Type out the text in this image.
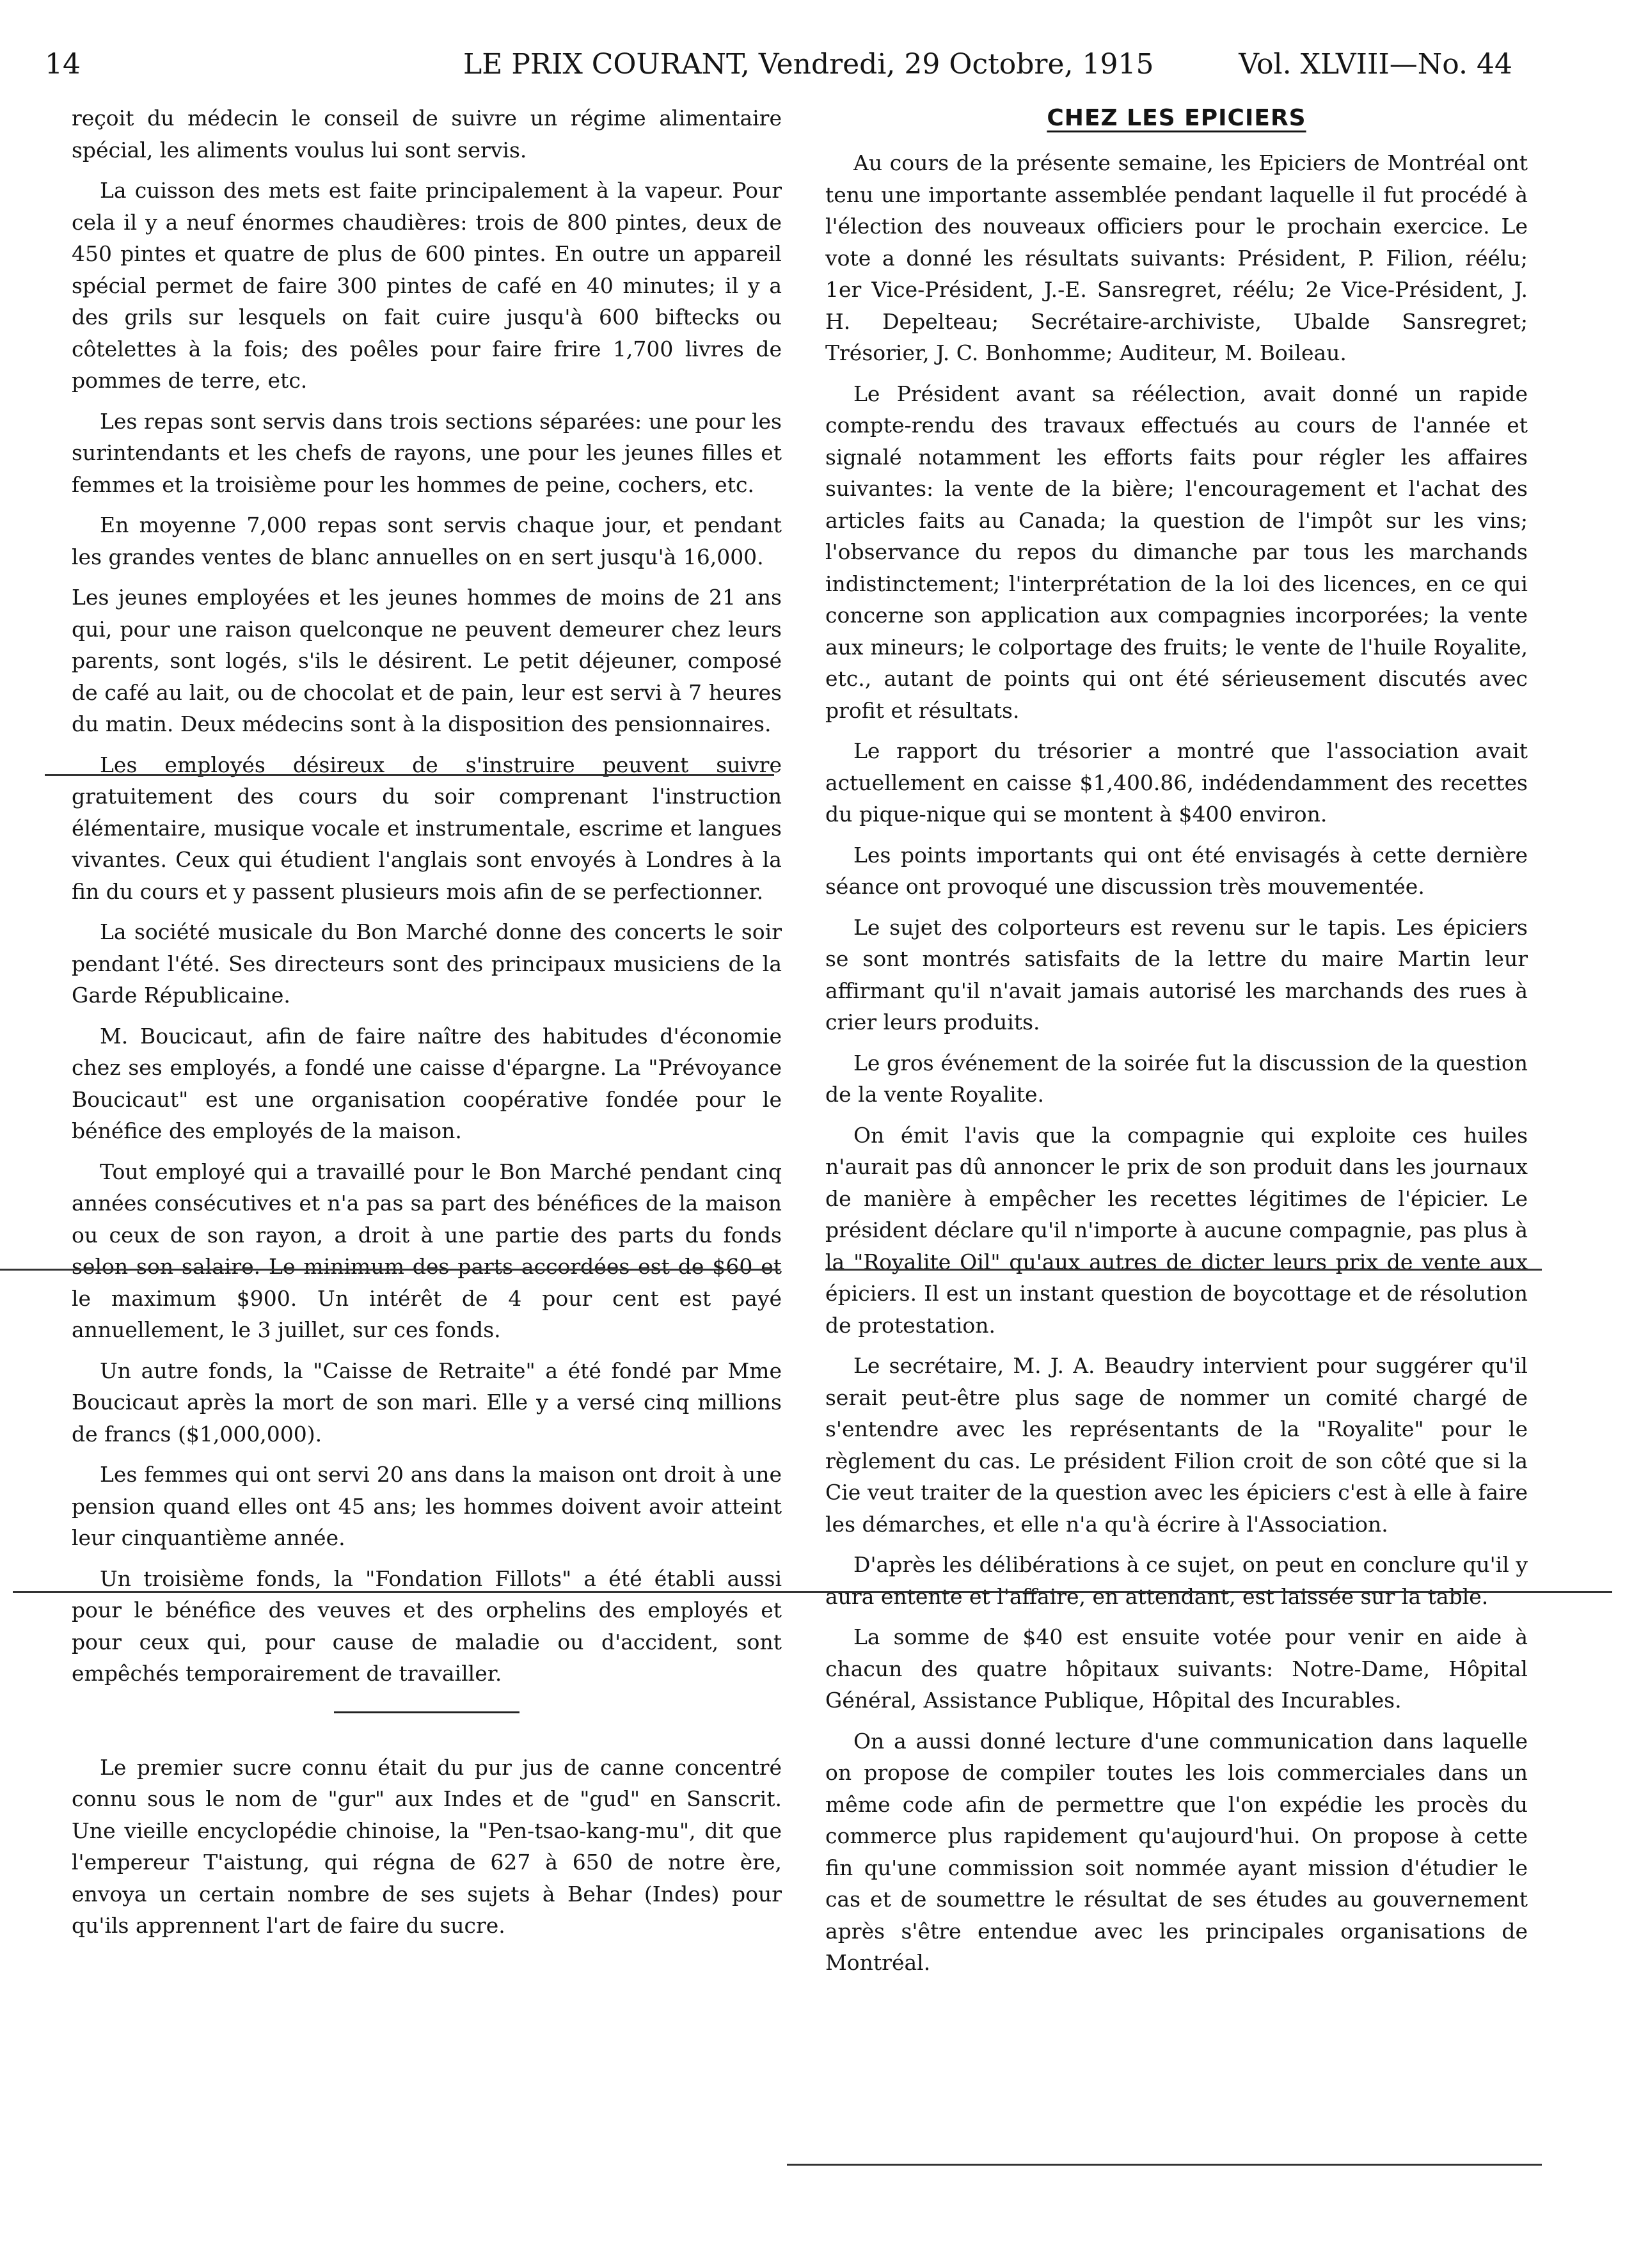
14	LE PRIX COURANT, Vendredi, 29 Octobre, 1915	Vol. XLVIII—No. 44

reçoit du médecin le conseil de suivre un régime alimentaire spécial, les aliments voulus lui sont servis.

La cuisson des mets est faite principalement à la vapeur. Pour cela il y a neuf énormes chaudières: trois de 800 pintes, deux de 450 pintes et quatre de plus de 600 pintes. En outre un appareil spécial permet de faire 300 pintes de café en 40 minutes; il y a des grils sur lesquels on fait cuire jusqu'à 600 biftecks ou côtelettes à la fois; des poêles pour faire frire 1,700 livres de pommes de terre, etc.

Les repas sont servis dans trois sections séparées: une pour les surintendants et les chefs de rayons, une pour les jeunes filles et femmes et la troisième pour les hommes de peine, cochers, etc.

En moyenne 7,000 repas sont servis chaque jour, et pendant les grandes ventes de blanc annuelles on en sert jusqu'à 16,000.

Les jeunes employées et les jeunes hommes de moins de 21 ans qui, pour une raison quelconque ne peuvent demeurer chez leurs parents, sont logés, s'ils le désirent. Le petit déjeuner, composé de café au lait, ou de chocolat et de pain, leur est servi à 7 heures du matin. Deux médecins sont à la disposition des pensionnaires.

Les employés désireux de s'instruire peuvent suivre gratuitement des cours du soir comprenant l'instruction élémentaire, musique vocale et instrumentale, escrime et langues vivantes. Ceux qui étudient l'anglais sont envoyés à Londres à la fin du cours et y passent plusieurs mois afin de se perfectionner.

La société musicale du Bon Marché donne des concerts le soir pendant l'été. Ses directeurs sont des principaux musiciens de la Garde Républicaine.

M. Boucicaut, afin de faire naître des habitudes d'économie chez ses employés, a fondé une caisse d'épargne. La "Prévoyance Boucicaut" est une organisation coopérative fondée pour le bénéfice des employés de la maison.

Tout employé qui a travaillé pour le Bon Marché pendant cinq années consécutives et n'a pas sa part des bénéfices de la maison ou ceux de son rayon, a droit à une partie des parts du fonds selon son salaire. Le minimum des parts accordées est de $60 et le maximum $900. Un intérêt de 4 pour cent est payé annuellement, le 3 juillet, sur ces fonds.

Un autre fonds, la "Caisse de Retraite" a été fondé par Mme Boucicaut après la mort de son mari. Elle y a versé cinq millions de francs ($1,000,000).

Les femmes qui ont servi 20 ans dans la maison ont droit à une pension quand elles ont 45 ans; les hommes doivent avoir atteint leur cinquantième année.

Un troisième fonds, la "Fondation Fillots" a été établi aussi pour le bénéfice des veuves et des orphelins des employés et pour ceux qui, pour cause de maladie ou d'accident, sont empêchés temporairement de travailler.

Le premier sucre connu était du pur jus de canne concentré connu sous le nom de "gur" aux Indes et de "gud" en Sanscrit. Une vieille encyclopédie chinoise, la "Pen-tsao-kang-mu", dit que l'empereur T'aistung, qui régna de 627 à 650 de notre ère, envoya un certain nombre de ses sujets à Behar (Indes) pour qu'ils apprennent l'art de faire du sucre.

CHEZ LES EPICIERS

Au cours de la présente semaine, les Epiciers de Montréal ont tenu une importante assemblée pendant laquelle il fut procédé à l'élection des nouveaux officiers pour le prochain exercice. Le vote a donné les résultats suivants: Président, P. Filion, réélu; 1er Vice-Président, J.-E. Sansregret, réélu; 2e Vice-Président, J. H. Depelteau; Secrétaire-archiviste, Ubalde Sansregret; Trésorier, J. C. Bonhomme; Auditeur, M. Boileau.

Le Président avant sa réélection, avait donné un rapide compte-rendu des travaux effectués au cours de l'année et signalé notamment les efforts faits pour régler les affaires suivantes: la vente de la bière; l'encouragement et l'achat des articles faits au Canada; la question de l'impôt sur les vins; l'observance du repos du dimanche par tous les marchands indistinctement; l'interprétation de la loi des licences, en ce qui concerne son application aux compagnies incorporées; la vente aux mineurs; le colportage des fruits; le vente de l'huile Royalite, etc., autant de points qui ont été sérieusement discutés avec profit et résultats.

Le rapport du trésorier a montré que l'association avait actuellement en caisse $1,400.86, indédendamment des recettes du pique-nique qui se montent à $400 environ.

Les points importants qui ont été envisagés à cette dernière séance ont provoqué une discussion très mouvementée.

Le sujet des colporteurs est revenu sur le tapis. Les épiciers se sont montrés satisfaits de la lettre du maire Martin leur affirmant qu'il n'avait jamais autorisé les marchands des rues à crier leurs produits.

Le gros événement de la soirée fut la discussion de la question de la vente Royalite.

On émit l'avis que la compagnie qui exploite ces huiles n'aurait pas dû annoncer le prix de son produit dans les journaux de manière à empêcher les recettes légitimes de l'épicier. Le président déclare qu'il n'importe à aucune compagnie, pas plus à la "Royalite Oil" qu'aux autres de dicter leurs prix de vente aux épiciers. Il est un instant question de boycottage et de résolution de protestation.

Le secrétaire, M. J. A. Beaudry intervient pour suggérer qu'il serait peut-être plus sage de nommer un comité chargé de s'entendre avec les représentants de la "Royalite" pour le règlement du cas. Le président Filion croit de son côté que si la Cie veut traiter de la question avec les épiciers c'est à elle à faire les démarches, et elle n'a qu'à écrire à l'Association.

D'après les délibérations à ce sujet, on peut en conclure qu'il y aura entente et l'affaire, en attendant, est laissée sur la table.

La somme de $40 est ensuite votée pour venir en aide à chacun des quatre hôpitaux suivants: Notre-Dame, Hôpital Général, Assistance Publique, Hôpital des Incurables.

On a aussi donné lecture d'une communication dans laquelle on propose de compiler toutes les lois commerciales dans un même code afin de permettre que l'on expédie les procès du commerce plus rapidement qu'aujourd'hui. On propose à cette fin qu'une commission soit nommée ayant mission d'étudier le cas et de soumettre le résultat de ses études au gouvernement après s'être entendue avec les principales organisations de Montréal.
